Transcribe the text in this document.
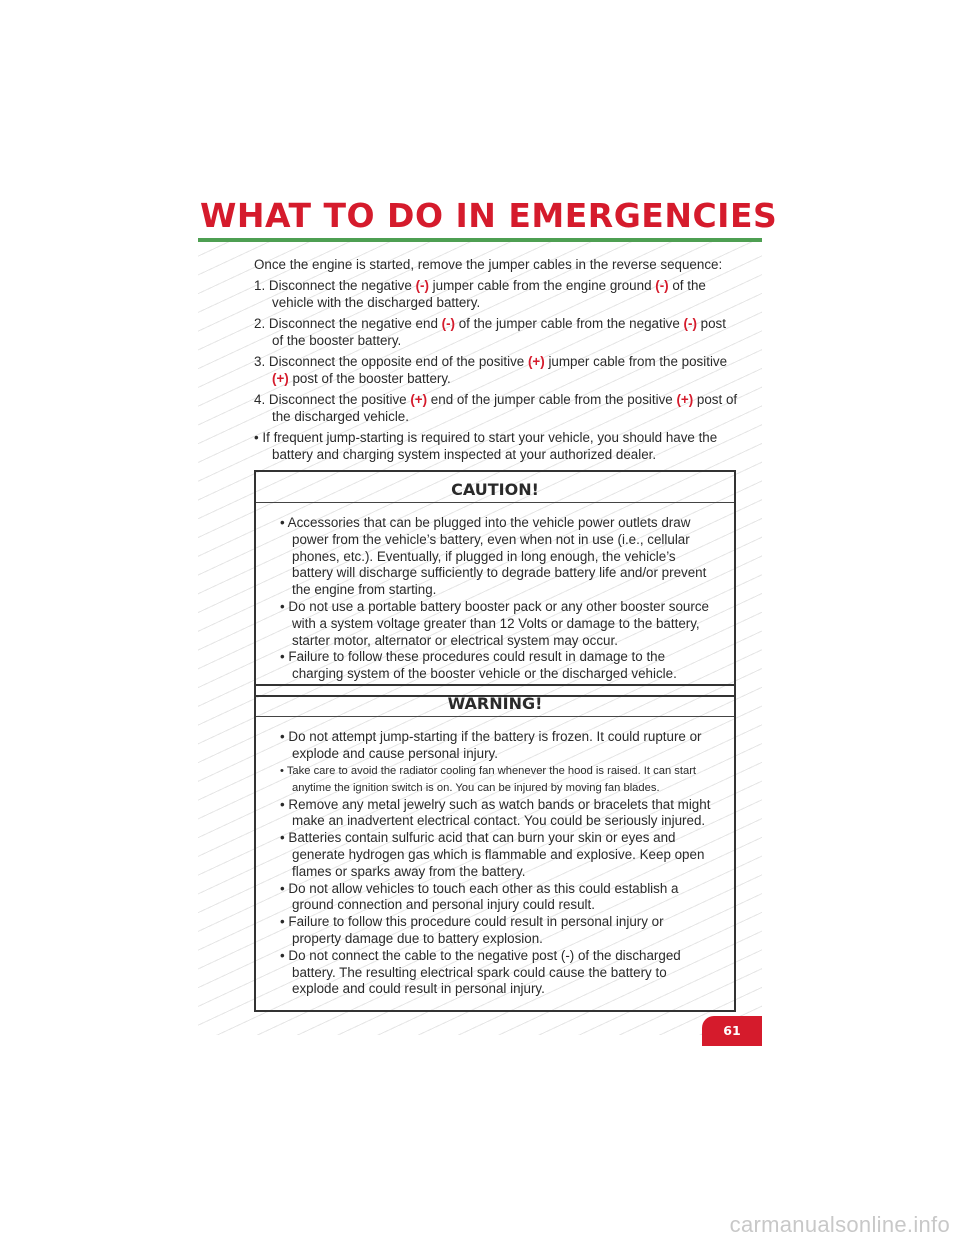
WHAT TO DO IN EMERGENCIES

Once the engine is started, remove the jumper cables in the reverse sequence:

1. Disconnect the negative (-) jumper cable from the engine ground (-) of the vehicle with the discharged battery.

2. Disconnect the negative end (-) of the jumper cable from the negative (-) post of the booster battery.

3. Disconnect the opposite end of the positive (+) jumper cable from the positive (+) post of the booster battery.

4. Disconnect the positive (+) end of the jumper cable from the positive (+) post of the discharged vehicle.

• If frequent jump-starting is required to start your vehicle, you should have the battery and charging system inspected at your authorized dealer.

CAUTION!
• Accessories that can be plugged into the vehicle power outlets draw power from the vehicle’s battery, even when not in use (i.e., cellular phones, etc.). Eventually, if plugged in long enough, the vehicle’s battery will discharge sufficiently to degrade battery life and/or prevent the engine from starting.
• Do not use a portable battery booster pack or any other booster source with a system voltage greater than 12 Volts or damage to the battery, starter motor, alternator or electrical system may occur.
• Failure to follow these procedures could result in damage to the charging system of the booster vehicle or the discharged vehicle.
WARNING!
• Do not attempt jump-starting if the battery is frozen. It could rupture or explode and cause personal injury.
• Take care to avoid the radiator cooling fan whenever the hood is raised. It can start anytime the ignition switch is on. You can be injured by moving fan blades.
• Remove any metal jewelry such as watch bands or bracelets that might make an inadvertent electrical contact. You could be seriously injured.
• Batteries contain sulfuric acid that can burn your skin or eyes and generate hydrogen gas which is flammable and explosive. Keep open flames or sparks away from the battery.
• Do not allow vehicles to touch each other as this could establish a ground connection and personal injury could result.
• Failure to follow this procedure could result in personal injury or property damage due to battery explosion.
• Do not connect the cable to the negative post (-) of the discharged battery. The resulting electrical spark could cause the battery to explode and could result in personal injury.
61
carmanualsonline.info
